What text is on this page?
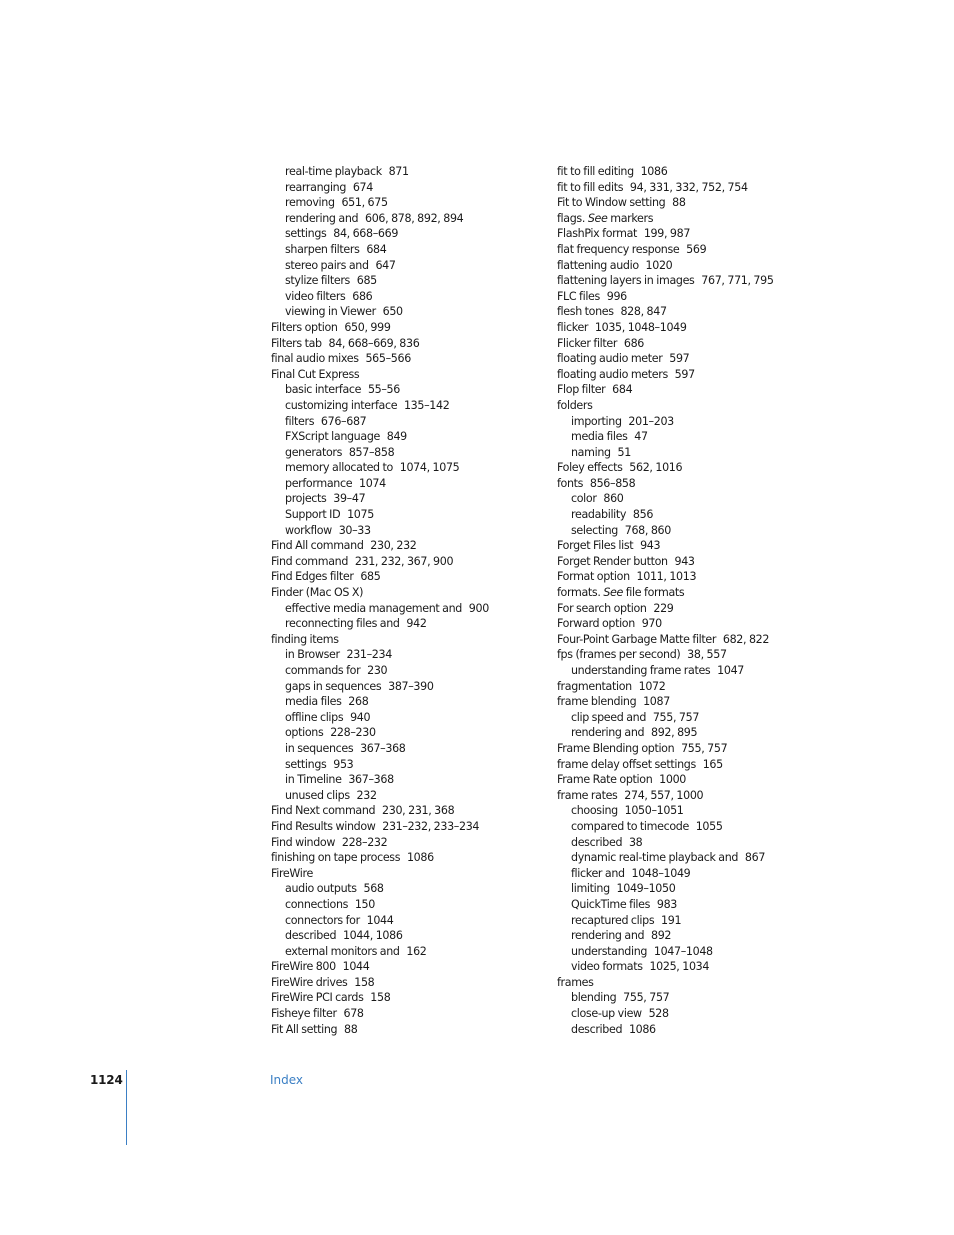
real-time playback 871
rearranging 674
removing 651, 675
rendering and 606, 878, 892, 894
settings 84, 668–669
sharpen filters 684
stereo pairs and 647
stylize filters 685
video filters 686
viewing in Viewer 650
Filters option 650, 999
Filters tab 84, 668–669, 836
final audio mixes 565–566
Final Cut Express
basic interface 55–56
customizing interface 135–142
filters 676–687
FXScript language 849
generators 857–858
memory allocated to 1074, 1075
performance 1074
projects 39–47
Support ID 1075
workflow 30–33
Find All command 230, 232
Find command 231, 232, 367, 900
Find Edges filter 685
Finder (Mac OS X)
effective media management and 900
reconnecting files and 942
finding items
in Browser 231–234
commands for 230
gaps in sequences 387–390
media files 268
offline clips 940
options 228–230
in sequences 367–368
settings 953
in Timeline 367–368
unused clips 232
Find Next command 230, 231, 368
Find Results window 231–232, 233–234
Find window 228–232
finishing on tape process 1086
FireWire
audio outputs 568
connections 150
connectors for 1044
described 1044, 1086
external monitors and 162
FireWire 800 1044
FireWire drives 158
FireWire PCI cards 158
Fisheye filter 678
Fit All setting 88
fit to fill editing 1086
fit to fill edits 94, 331, 332, 752, 754
Fit to Window setting 88
flags. See markers
FlashPix format 199, 987
flat frequency response 569
flattening audio 1020
flattening layers in images 767, 771, 795
FLC files 996
flesh tones 828, 847
flicker 1035, 1048–1049
Flicker filter 686
floating audio meter 597
floating audio meters 597
Flop filter 684
folders
importing 201–203
media files 47
naming 51
Foley effects 562, 1016
fonts 856–858
color 860
readability 856
selecting 768, 860
Forget Files list 943
Forget Render button 943
Format option 1011, 1013
formats. See file formats
For search option 229
Forward option 970
Four-Point Garbage Matte filter 682, 822
fps (frames per second) 38, 557
understanding frame rates 1047
fragmentation 1072
frame blending 1087
clip speed and 755, 757
rendering and 892, 895
Frame Blending option 755, 757
frame delay offset settings 165
Frame Rate option 1000
frame rates 274, 557, 1000
choosing 1050–1051
compared to timecode 1055
described 38
dynamic real-time playback and 867
flicker and 1048–1049
limiting 1049–1050
QuickTime files 983
recaptured clips 191
rendering and 892
understanding 1047–1048
video formats 1025, 1034
frames
blending 755, 757
close-up view 528
described 1086
1124	Index
